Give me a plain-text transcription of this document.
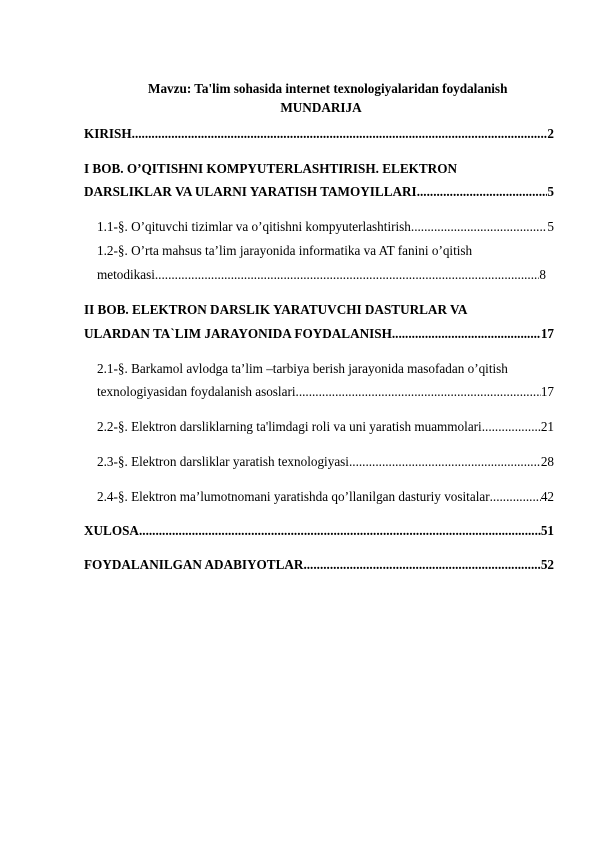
Mavzu: Ta'lim sohasida internet texnologiyalaridan foydalanish
MUNDARIJA
KIRISH .....	2
I BOB. O’QITISHNI KOMPYUTERLASHTIRISH. ELEKTRON
DARSLIKLAR VA ULARNI YARATISH TAMOYILLARI .....	5
1.1-§. O’qituvchi tizimlar va o’qitishni kompyuterlashtirish .....	5
1.2-§. O’rta mahsus ta’lim jarayonida informatika va AT fanini o’qitish
metodikasi .....	8
II BOB. ELEKTRON DARSLIK YARATUVCHI DASTURLAR VA
ULARDAN TA`LIM JARAYONIDA FOYDALANISH .....	17
2.1-§. Barkamol avlodga ta’lim –tarbiya berish jarayonida masofadan o’qitish
texnologiyasidan foydalanish asoslari .....	17
2.2-§. Elektron darsliklarning ta'limdagi roli va uni yaratish muammolari .....	21
2.3-§. Elektron darsliklar yaratish texnologiyasi .....	28
2.4-§. Elektron ma’lumotnomani yaratishda qo’llanilgan dasturiy vositalar .....	42
XULOSA .....	51
FOYDALANILGAN ADABIYOTLAR .....	52
